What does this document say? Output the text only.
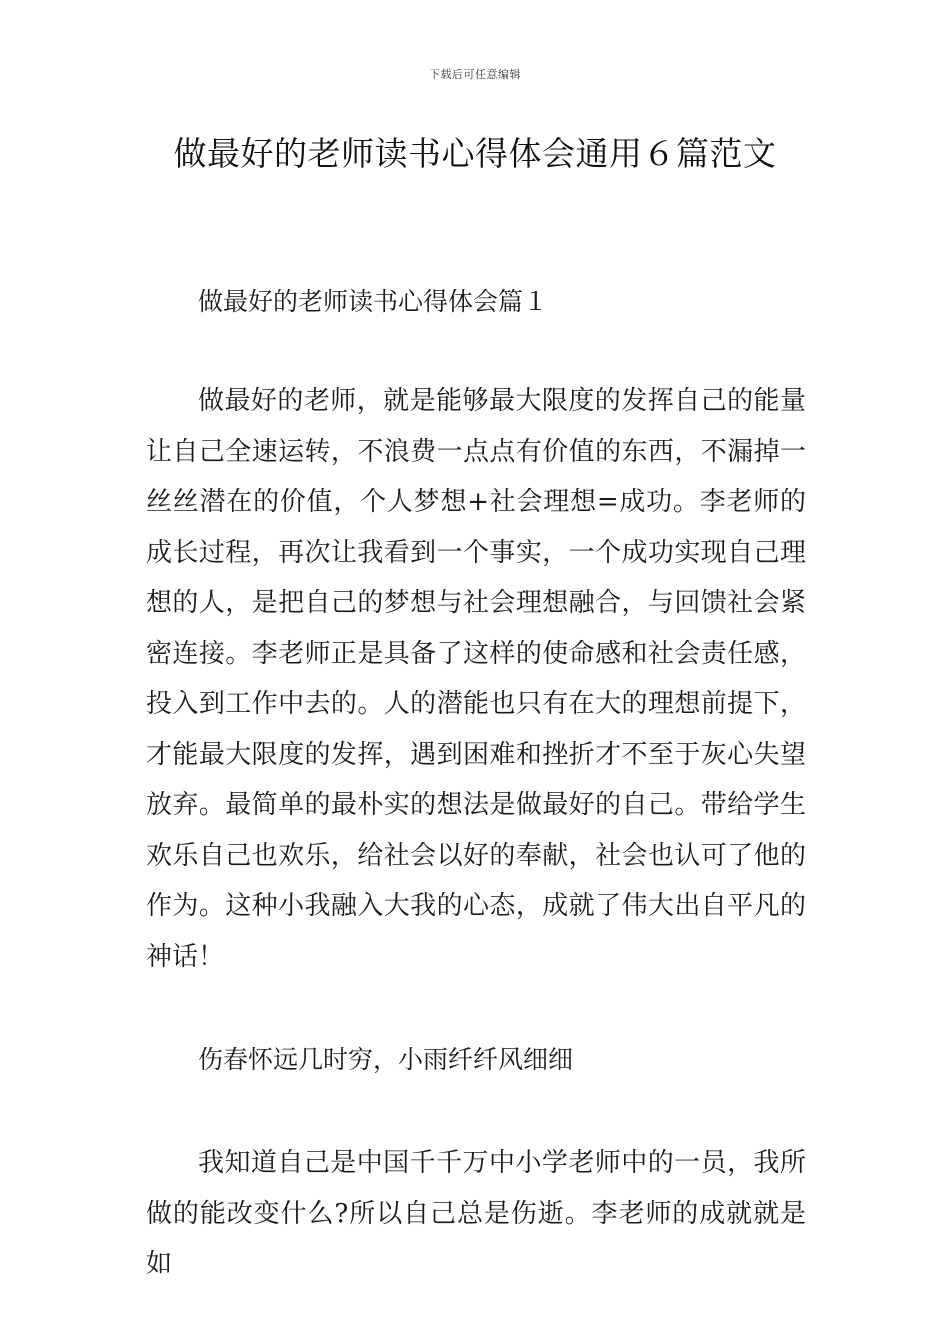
下载后可任意编辑
做最好的老师读书心得体会通用６篇范文

做最好的老师读书心得体会篇１

做最好的老师，就是能够最大限度的发挥自己的能量让自己全速运转，不浪费一点点有价值的东西，不漏掉一丝丝潜在的价值，个人梦想+社会理想=成功。李老师的成长过程，再次让我看到一个事实，一个成功实现自己理想的人，是把自己的梦想与社会理想融合，与回馈社会紧密连接。李老师正是具备了这样的使命感和社会责任感，投入到工作中去的。人的潜能也只有在大的理想前提下，才能最大限度的发挥，遇到困难和挫折才不至于灰心失望放弃。最简单的最朴实的想法是做最好的自己。带给学生欢乐自己也欢乐，给社会以好的奉献，社会也认可了他的作为。这种小我融入大我的心态，成就了伟大出自平凡的神话！

伤春怀远几时穷，小雨纤纤风细细

我知道自己是中国千千万中小学老师中的一员，我所做的能改变什么?所以自己总是伤逝。李老师的成就就是如
